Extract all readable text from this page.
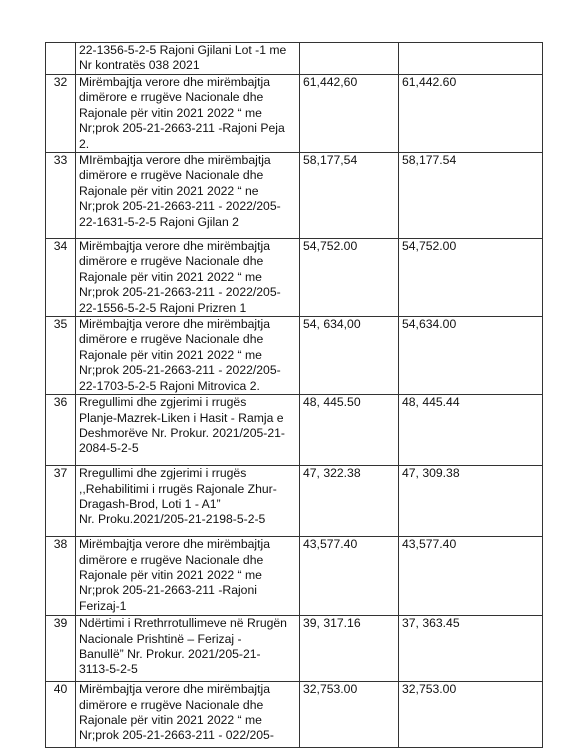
	22-1356-5-2-5 Rajoni Gjilani Lot -1 me
Nr kontratës 038 2021		
32	Mirëmbajtja verore dhe mirëmbajtja
dimërore e rrugëve Nacionale dhe
Rajonale për vitin 2021 2022 “ me
Nr;prok 205-21-2663-211 -Rajoni Peja
2.	61,442,60	61,442.60
33	MIrëmbajtja verore dhe mirëmbajtja
dimërore e rrugëve Nacionale dhe
Rajonale për vitin 2021 2022 “ ne
Nr;prok 205-21-2663-211 - 2022/205-
22-1631-5-2-5 Rajoni Gjilan 2	58,177,54	58,177.54
34	Mirëmbajtja verore dhe mirëmbajtja
dimërore e rrugëve Nacionale dhe
Rajonale për vitin 2021 2022 “ me
Nr;prok 205-21-2663-211 - 2022/205-
22-1556-5-2-5 Rajoni Prizren 1	54,752.00	54,752.00
35	Mirëmbajtja verore dhe mirëmbajtja
dimërore e rrugëve Nacionale dhe
Rajonale për vitin 2021 2022 “ me
Nr;prok 205-21-2663-211 - 2022/205-
22-1703-5-2-5 Rajoni Mitrovica 2.	54, 634,00	54,634.00
36	Rregullimi dhe zgjerimi i rrugës
Planje-Mazrek-Liken i Hasit - Ramja e
Deshmorëve Nr. Prokur. 2021/205-21-
2084-5-2-5	48, 445.50	48, 445.44
37	Rregullimi dhe zgjerimi i rrugës
,,Rehabilitimi i rrugës Rajonale Zhur-
Dragash-Brod, Loti 1 - A1”
Nr. Proku.2021/205-21-2198-5-2-5	47, 322.38	47, 309.38
38	Mirëmbajtja verore dhe mirëmbajtja
dimërore e rrugëve Nacionale dhe
Rajonale për vitin 2021 2022 “ me
Nr;prok 205-21-2663-211 -Rajoni
Ferizaj-1	43,577.40	43,577.40
39	Ndërtimi i Rrethrrotullimeve në Rrugën
Nacionale Prishtinë – Ferizaj -
Banullë” Nr. Prokur. 2021/205-21-
3113-5-2-5	39, 317.16	37, 363.45
40	Mirëmbajtja verore dhe mirëmbajtja
dimërore e rrugëve Nacionale dhe
Rajonale për vitin 2021 2022 “ me
Nr;prok 205-21-2663-211 - 022/205-	32,753.00	32,753.00
